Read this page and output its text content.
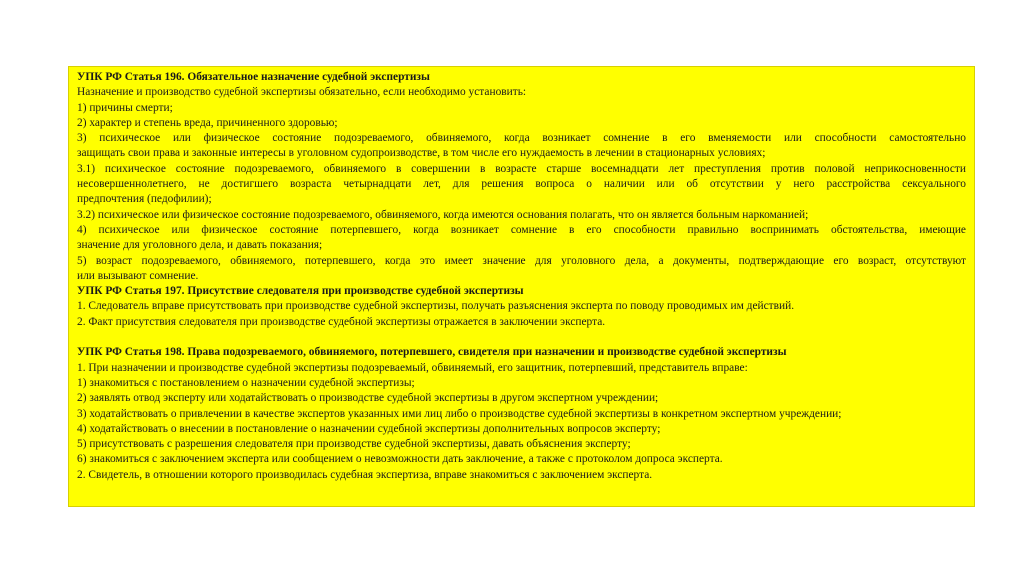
УПК РФ Статья 196. Обязательное назначение судебной экспертизы
Назначение и производство судебной экспертизы обязательно, если необходимо установить:
1) причины смерти;
2) характер и степень вреда, причиненного здоровью;
3) психическое или физическое состояние подозреваемого, обвиняемого, когда возникает сомнение в его вменяемости или способности самостоятельно
защищать свои права и законные интересы в уголовном судопроизводстве, в том числе его нуждаемость в лечении в стационарных условиях;
3.1) психическое состояние подозреваемого, обвиняемого в совершении в возрасте старше восемнадцати лет преступления против половой неприкосновенности
несовершеннолетнего, не достигшего возраста четырнадцати лет, для решения вопроса о наличии или об отсутствии у него расстройства сексуального
предпочтения (педофилии);
3.2) психическое или физическое состояние подозреваемого, обвиняемого, когда имеются основания полагать, что он является больным наркоманией;
4) психическое или физическое состояние потерпевшего, когда возникает сомнение в его способности правильно воспринимать обстоятельства, имеющие
значение для уголовного дела, и давать показания;
5) возраст подозреваемого, обвиняемого, потерпевшего, когда это имеет значение для уголовного дела, а документы, подтверждающие его возраст, отсутствуют
или вызывают сомнение.
УПК РФ Статья 197. Присутствие следователя при производстве судебной экспертизы
1. Следователь вправе присутствовать при производстве судебной экспертизы, получать разъяснения эксперта по поводу проводимых им действий.
2. Факт присутствия следователя при производстве судебной экспертизы отражается в заключении эксперта.
УПК РФ Статья 198. Права подозреваемого, обвиняемого, потерпевшего, свидетеля при назначении и производстве судебной экспертизы
1. При назначении и производстве судебной экспертизы подозреваемый, обвиняемый, его защитник, потерпевший, представитель вправе:
1) знакомиться с постановлением о назначении судебной экспертизы;
2) заявлять отвод эксперту или ходатайствовать о производстве судебной экспертизы в другом экспертном учреждении;
3) ходатайствовать о привлечении в качестве экспертов указанных ими лиц либо о производстве судебной экспертизы в конкретном экспертном учреждении;
4) ходатайствовать о внесении в постановление о назначении судебной экспертизы дополнительных вопросов эксперту;
5) присутствовать с разрешения следователя при производстве судебной экспертизы, давать объяснения эксперту;
6) знакомиться с заключением эксперта или сообщением о невозможности дать заключение, а также с протоколом допроса эксперта.
2. Свидетель, в отношении которого производилась судебная экспертиза, вправе знакомиться с заключением эксперта.
